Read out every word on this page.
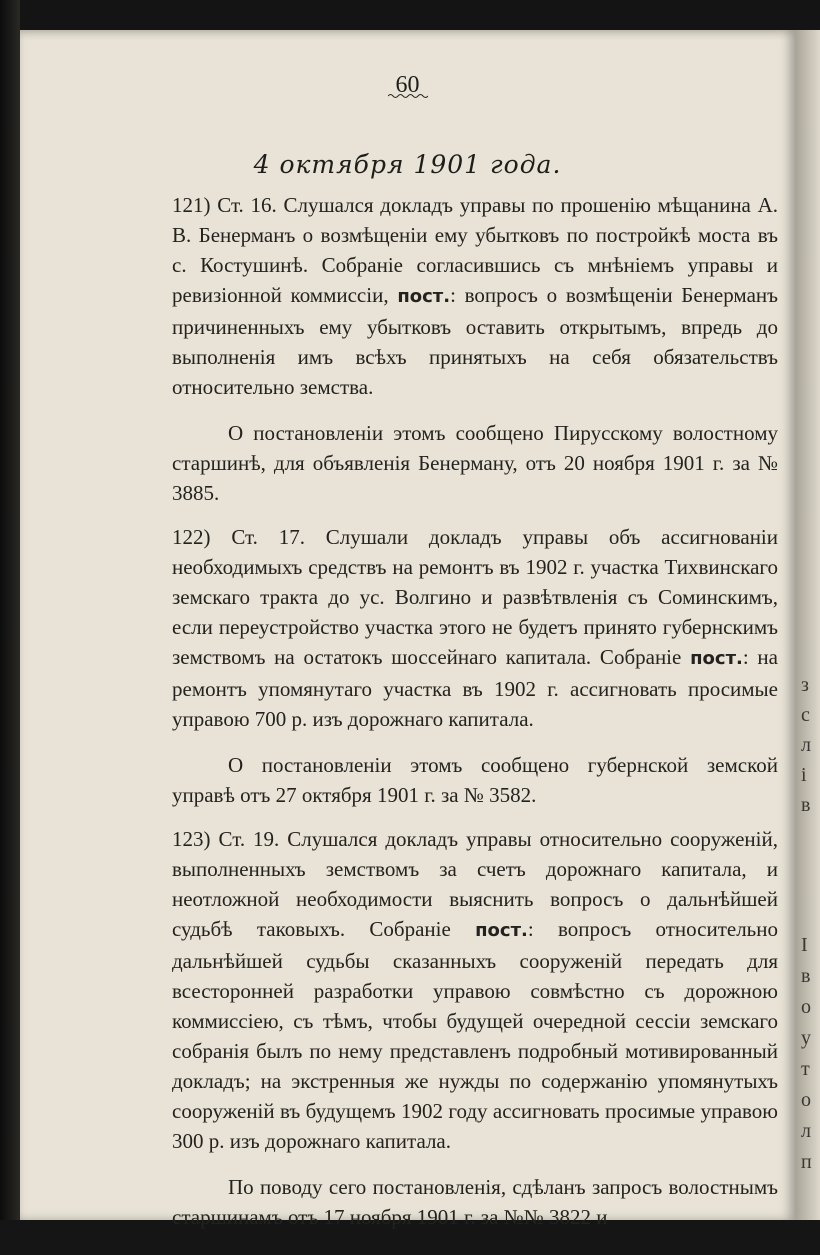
з
с
л
і
в
I
в
о
у
т
о
л
п
60
4 октября 1901 года.

121) Ст. 16. Слушался докладъ управы по прошенію мѣщанина А. В. Бенерманъ о возмѣщеніи ему убытковъ по постройкѣ моста въ с. Костушинѣ. Собраніе согласившись съ мнѣніемъ управы и ревизіонной коммиссіи, пост.: вопросъ о возмѣщеніи Бенерманъ причиненныхъ ему убытковъ оставить открытымъ, впредь до выполненія имъ всѣхъ принятыхъ на себя обязательствъ относительно земства.

О постановленіи этомъ сообщено Пирусскому волостному старшинѣ, для объявленія Бенерману, отъ 20 ноября 1901 г. за № 3885.

122) Ст. 17. Слушали докладъ управы объ ассигнованіи необходимыхъ средствъ на ремонтъ въ 1902 г. участка Тихвинскаго земскаго тракта до ус. Волгино и развѣтвленія съ Соминскимъ, если переустройство участка этого не будетъ принято губернскимъ земствомъ на остатокъ шоссейнаго капитала. Собраніе пост.: на ремонтъ упомянутаго участка въ 1902 г. ассигновать просимые управою 700 р. изъ дорожнаго капитала.

О постановленіи этомъ сообщено губернской земской управѣ отъ 27 октября 1901 г. за № 3582.

123) Ст. 19. Слушался докладъ управы относительно сооруженій, выполненныхъ земствомъ за счетъ дорожнаго капитала, и неотложной необходимости выяснить вопросъ о дальнѣйшей судьбѣ таковыхъ. Собраніе пост.: вопросъ относительно дальнѣйшей судьбы сказанныхъ сооруженій передать для всесторонней разработки управою совмѣстно съ дорожною коммиссіею, съ тѣмъ, чтобы будущей очередной сессіи земскаго собранія былъ по нему представленъ подробный мотивированный докладъ; на экстренныя же нужды по содержанію упомянутыхъ сооруженій въ будущемъ 1902 году ассигновать просимые управою 300 р. изъ дорожнаго капитала.

По поводу сего постановленія, сдѣланъ запросъ волостнымъ старшинамъ отъ 17 ноября 1901 г. за №№ 3822 и
